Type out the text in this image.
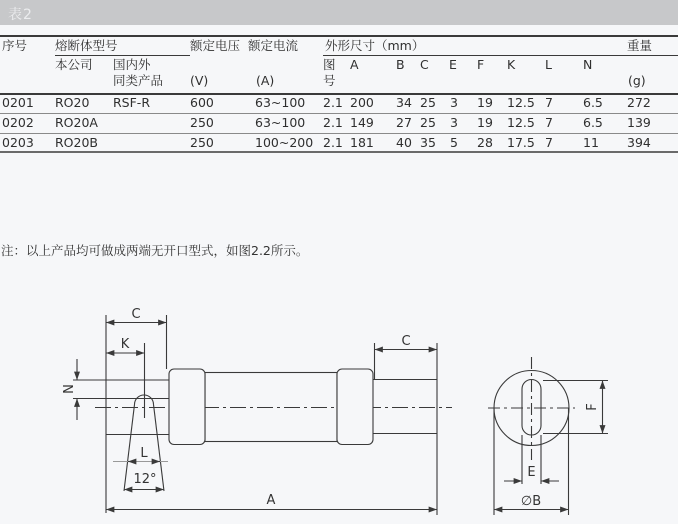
表2
序号 熔断体型号	额定电压 额定电流 外形尺寸（mm）	重量
本公司 国内外	图 A	B C E F K L N
同类产品 (V)	(A)	号	(g)
0201 RO20 RSF-R	600	63~100 2.1 200 34 25 3 19 12.5 7 6.5 272
0202 RO20A	250	63~100 2.1 149 27 25 3 19 12.5 7 6.5 139
0203 RO20B	250	100~200 2.1 181 40 35 5 28 17.5 7 11 394
注：以上产品均可做成两端无开口型式，如图2.2所示。
C
K
N
L
12°
A
C
F
E
∅B
